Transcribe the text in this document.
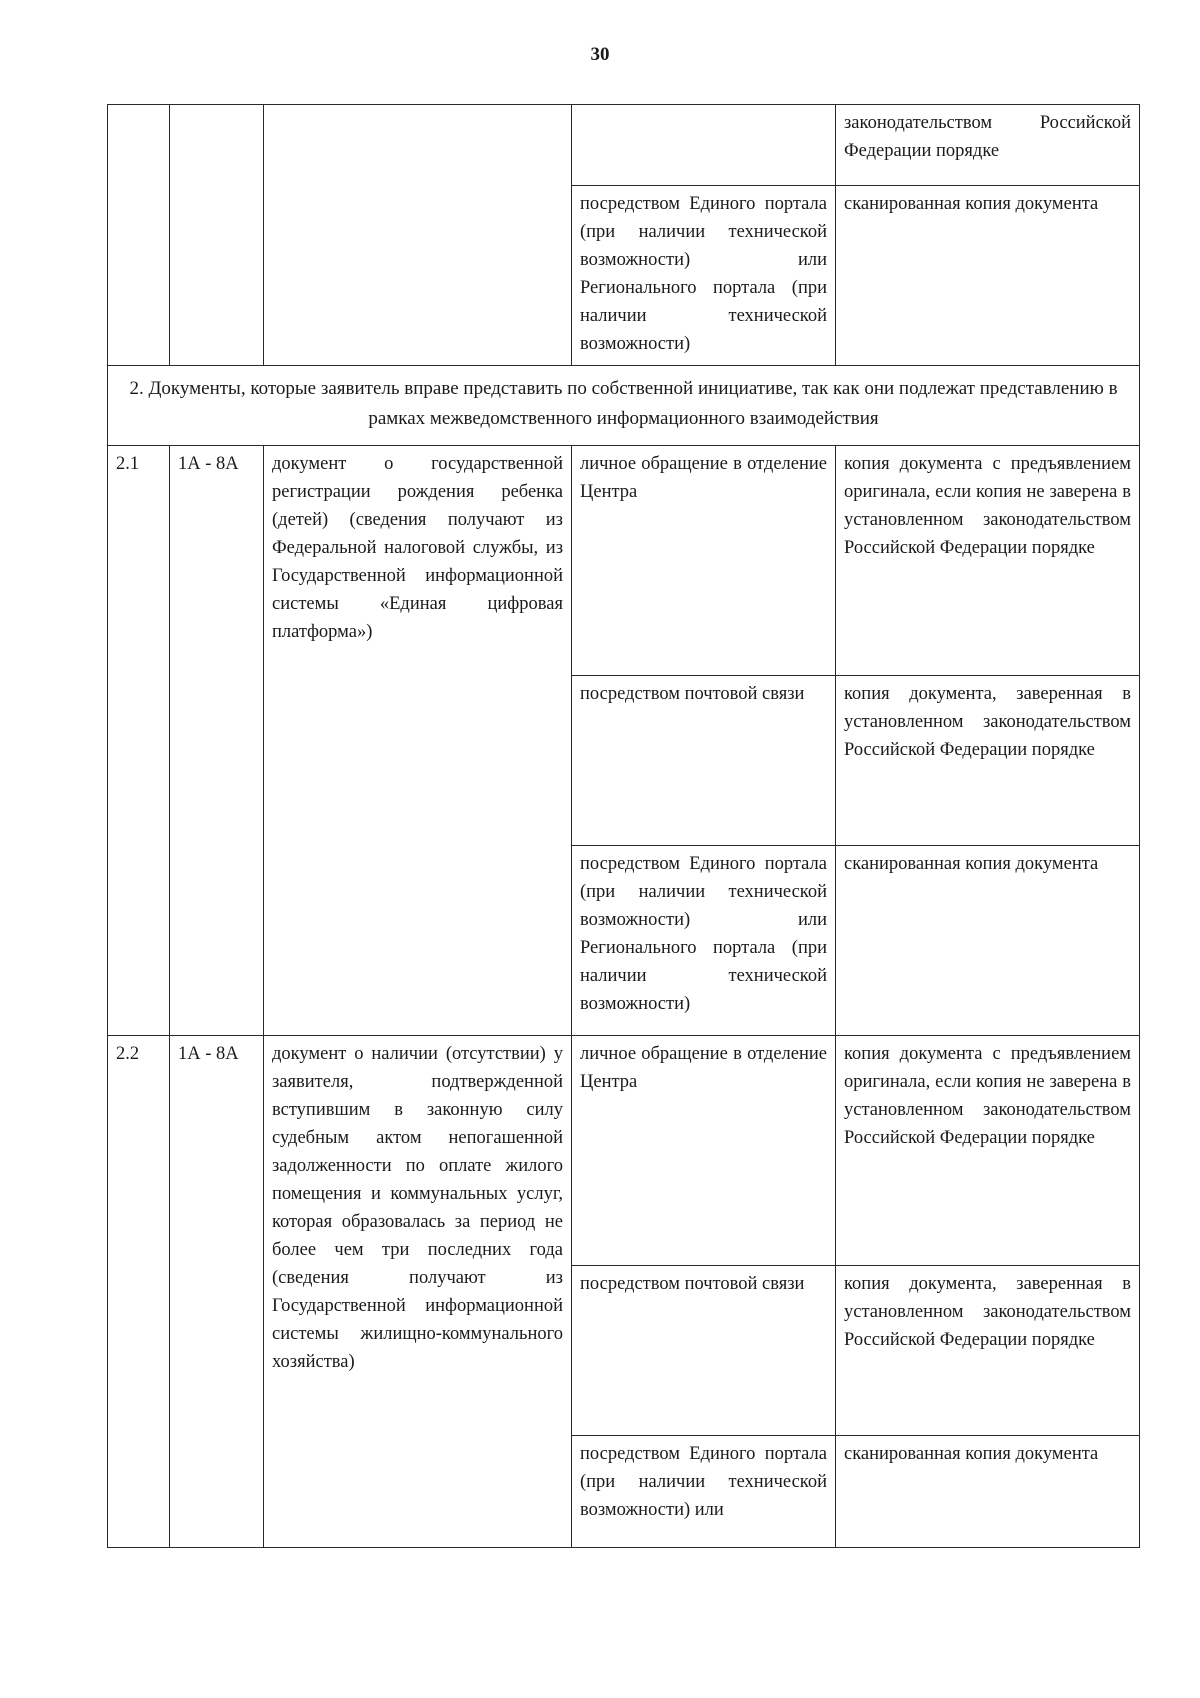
30
				законодательством Российской Федерации порядке
			посредством Единого портала (при наличии технической возможности) или Регионального портала (при наличии технической возможности)	сканированная копия документа
2. Документы, которые заявитель вправе представить по собственной инициативе, так как они подлежат представлению в рамках межведомственного информационного взаимодействия				
2.1	1А - 8А	документ о государственной регистрации рождения ребенка (детей) (сведения получают из Федеральной налоговой службы, из Государственной информационной системы «Единая цифровая платформа»)	личное обращение в отделение Центра	копия документа с предъявлением оригинала, если копия не заверена в установленном законодательством Российской Федерации порядке
			посредством почтовой связи	копия документа, заверенная в установленном законодательством Российской Федерации порядке
			посредством Единого портала (при наличии технической возможности) или Регионального портала (при наличии технической возможности)	сканированная копия документа
2.2	1А - 8А	документ о наличии (отсутствии) у заявителя, подтвержденной вступившим в законную силу судебным актом непогашенной задолженности по оплате жилого помещения и коммунальных услуг, которая образовалась за период не более чем три последних года (сведения получают из Государственной информационной системы жилищно-коммунального хозяйства)	личное обращение в отделение Центра	копия документа с предъявлением оригинала, если копия не заверена в установленном законодательством Российской Федерации порядке
			посредством почтовой связи	копия документа, заверенная в установленном законодательством Российской Федерации порядке
			посредством Единого портала (при наличии технической возможности) или	сканированная копия документа
